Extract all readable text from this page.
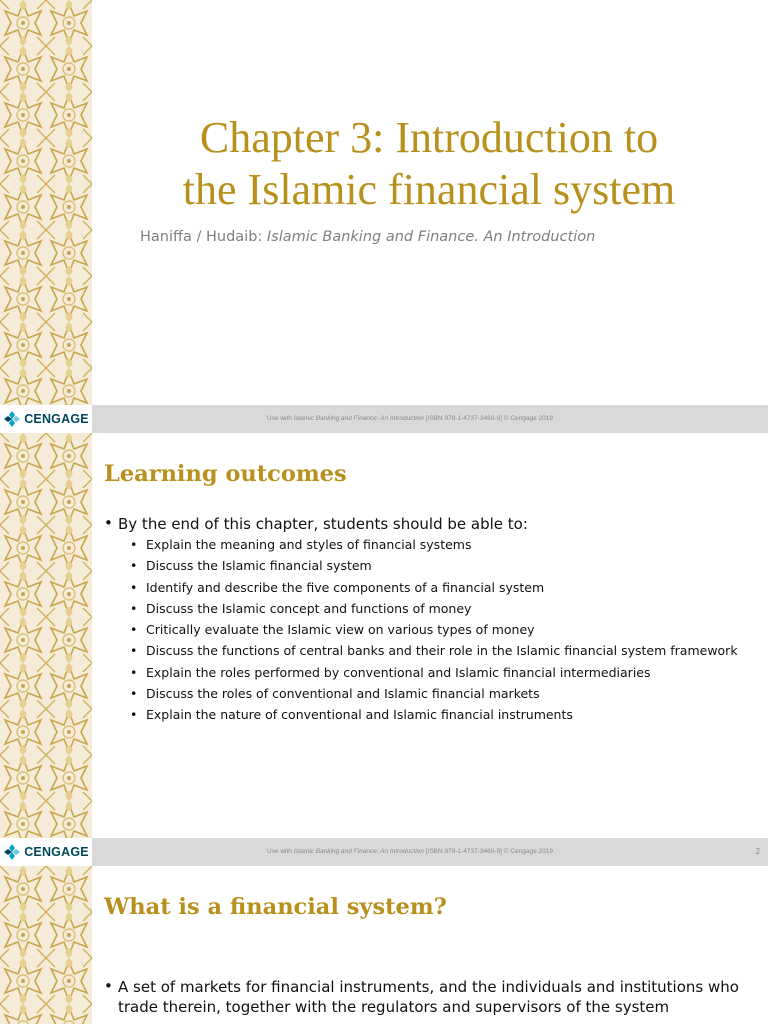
Chapter 3: Introduction to
the Islamic financial system
Haniffa / Hudaib: Islamic Banking and Finance. An Introduction
CENGAGE	Use with Islamic Banking and Finance: An Introduction [ISBN 978-1-4737-3460-9] © Cengage 2019
Learning outcomes
• By the end of this chapter, students should be able to:
• Explain the meaning and styles of financial systems
• Discuss the Islamic financial system
• Identify and describe the five components of a financial system
• Discuss the Islamic concept and functions of money
• Critically evaluate the Islamic view on various types of money
• Discuss the functions of central banks and their role in the Islamic financial system framework
• Explain the roles performed by conventional and Islamic financial intermediaries
• Discuss the roles of conventional and Islamic financial markets
• Explain the nature of conventional and Islamic financial instruments
CENGAGE	Use with Islamic Banking and Finance: An Introduction [ISBN 978-1-4737-3460-9] © Cengage 2019	2
What is a financial system?
• A set of markets for financial instruments, and the individuals and institutions who trade therein, together with the regulators and supervisors of the system
